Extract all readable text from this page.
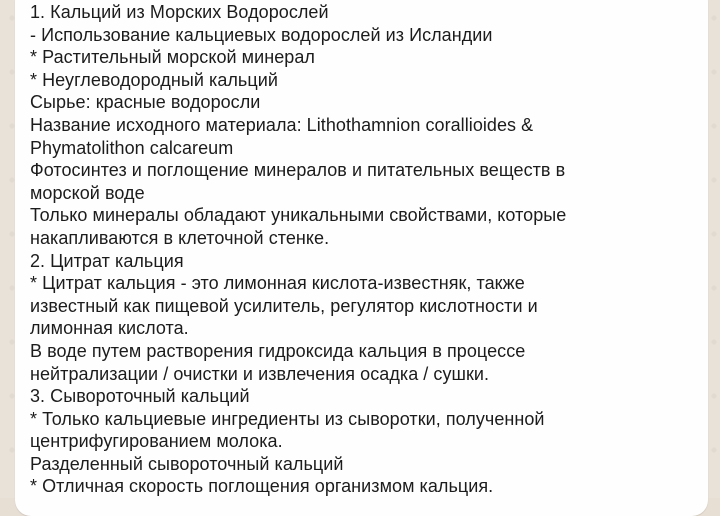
1. Кальций из Морских Водорослей
- Использование кальциевых водорослей из Исландии
* Растительный морской минерал
* Неуглеводородный кальций
Сырье: красные водоросли
Название исходного материала: Lithothamnion corallioides &
Phymatolithon calcareum
Фотосинтез и поглощение минералов и питательных веществ в
морской воде
Только минералы обладают уникальными свойствами, которые
накапливаются в клеточной стенке.
2. Цитрат кальция
* Цитрат кальция - это лимонная кислота-известняк, также
известный как пищевой усилитель, регулятор кислотности и
лимонная кислота.
В воде путем растворения гидроксида кальция в процессе
нейтрализации / очистки и извлечения осадка / сушки.
3. Сывороточный кальций
* Только кальциевые ингредиенты из сыворотки, полученной
центрифугированием молока.
Разделенный сывороточный кальций
* Отличная скорость поглощения организмом кальция.
